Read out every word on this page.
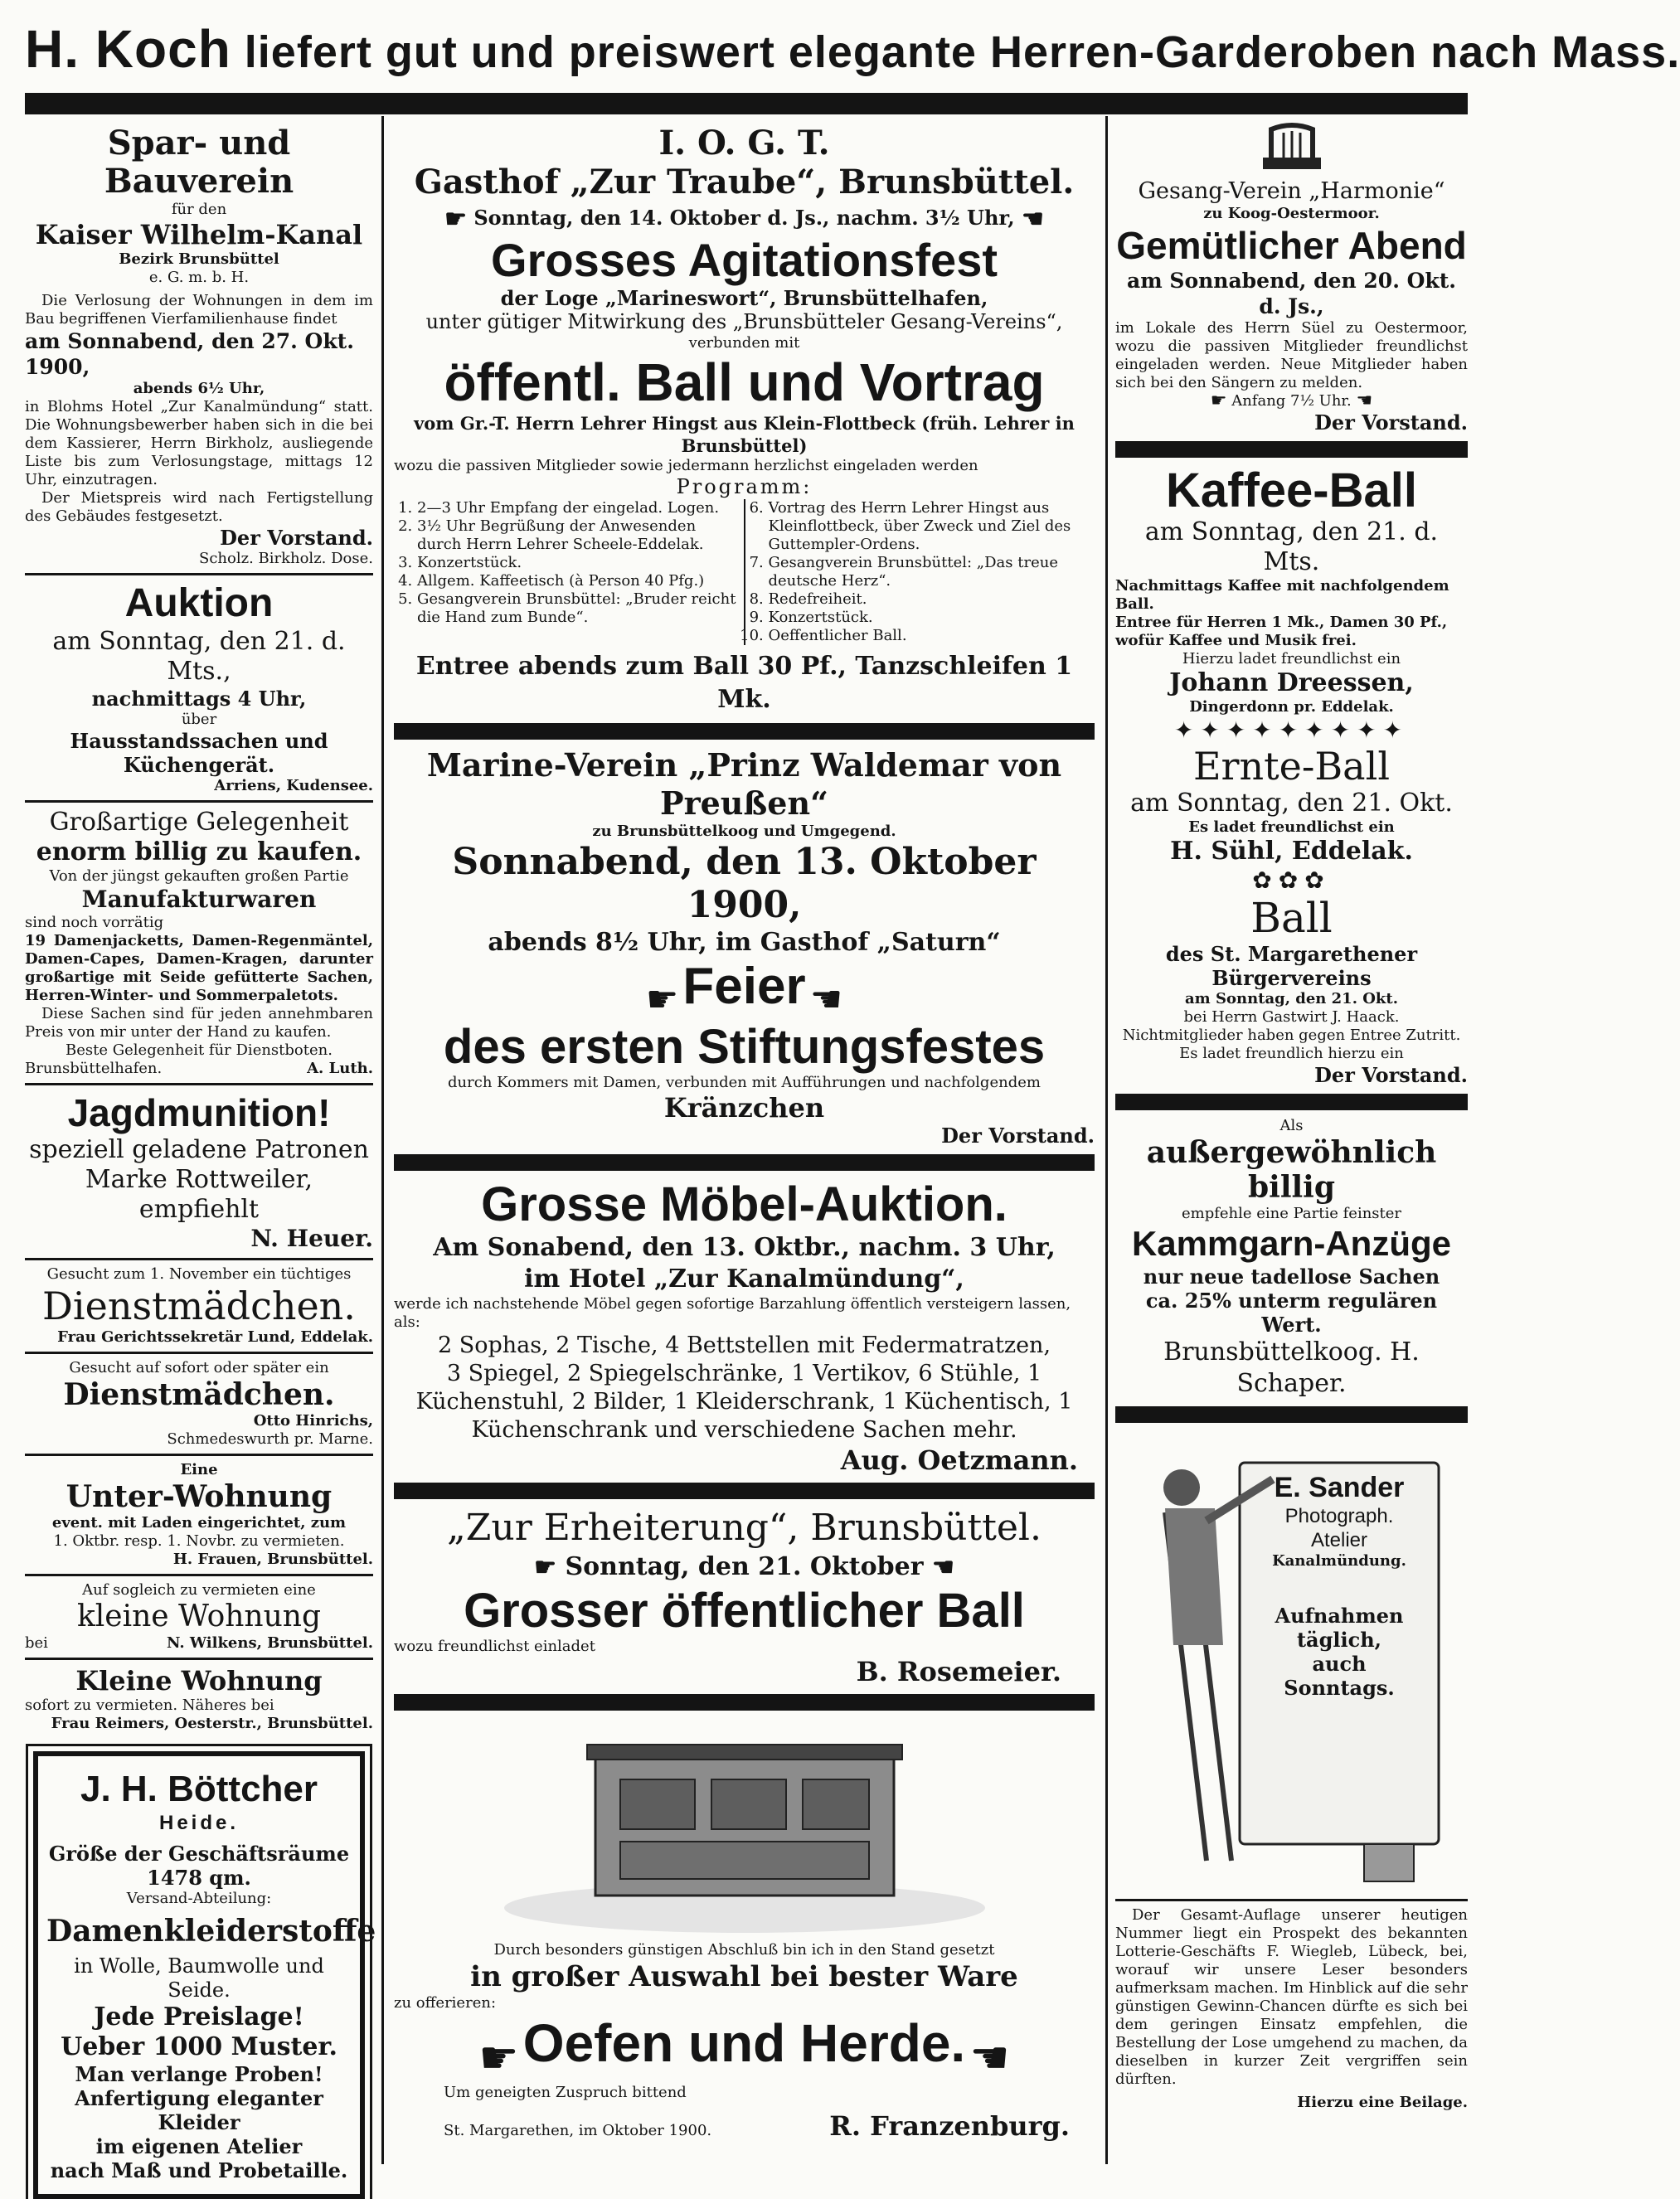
H. Koch liefert gut und preiswert elegante Herren-Garderoben nach Mass.
Spar- und Bauverein
für den
Kaiser Wilhelm-Kanal
Bezirk Brunsbüttel
e. G. m. b. H.

Die Verlosung der Wohnungen in dem im Bau begriffenen Vierfamilienhause findet

am Sonnabend, den 27. Okt. 1900,
abends 6½ Uhr,

in Blohms Hotel „Zur Kanalmündung“ statt. Die Wohnungsbewerber haben sich in die bei dem Kassierer, Herrn Birkholz, ausliegende Liste bis zum Verlosungstage, mittags 12 Uhr, einzutragen.

Der Mietspreis wird nach Fertigstellung des Gebäudes festgesetzt.

Der Vorstand.
Scholz. Birkholz. Dose.
Auktion
am Sonntag, den 21. d. Mts.,
nachmittags 4 Uhr,
über
Hausstandssachen und Küchengerät.
Arriens, Kudensee.
Großartige Gelegenheit
enorm billig zu kaufen.
Von der jüngst gekauften großen Partie
Manufakturwaren
sind noch vorrätig

19 Damenjacketts, Damen-Regenmäntel, Damen-Capes, Damen-Kragen, darunter großartige mit Seide gefütterte Sachen, Herren-Winter- und Sommerpaletots.

Diese Sachen sind für jeden annehmbaren Preis von mir unter der Hand zu kaufen.

Beste Gelegenheit für Dienstboten.
Brunsbüttelhafen.	A. Luth.
Jagdmunition!

speziell geladene Patronen Marke Rottweiler, empfiehlt

N. Heuer.
Gesucht zum 1. November ein tüchtiges
Dienstmädchen.
Frau Gerichtssekretär Lund, Eddelak.
Gesucht auf sofort oder später ein
Dienstmädchen.
Otto Hinrichs,
Schmedeswurth pr. Marne.
Eine
Unter-Wohnung
event. mit Laden eingerichtet, zum
1. Oktbr. resp. 1. Novbr. zu vermieten.
H. Frauen, Brunsbüttel.
Auf sogleich zu vermieten eine
kleine Wohnung
bei	N. Wilkens, Brunsbüttel.
Kleine Wohnung
sofort zu vermieten. Näheres bei
Frau Reimers, Oesterstr., Brunsbüttel.
J. H. Böttcher
Heide.
Größe der Geschäftsräume
1478 qm.
Versand-Abteilung:
Damenkleiderstoffe
in Wolle, Baumwolle und Seide.
Jede Preislage!
Ueber 1000 Muster.
Man verlange Proben!
Anfertigung eleganter Kleider
im eigenen Atelier
nach Maß und Probetaille.
I. O. G. T.
Gasthof „Zur Traube“, Brunsbüttel.
☛ Sonntag, den 14. Oktober d. Js., nachm. 3½ Uhr, ☚
Grosses Agitationsfest
der Loge „Marineswort“, Brunsbüttelhafen,
unter gütiger Mitwirkung des „Brunsbütteler Gesang-Vereins“,
verbunden mit
öffentl. Ball und Vortrag
vom Gr.-T. Herrn Lehrer Hingst aus Klein-Flottbeck (früh. Lehrer in Brunsbüttel)
wozu die passiven Mitglieder sowie jedermann herzlichst eingeladen werden
Programm:
1. 2—3 Uhr Empfang der eingelad. Logen.
2. 3½ Uhr Begrüßung der Anwesenden durch Herrn Lehrer Scheele-Eddelak.
3. Konzertstück.
4. Allgem. Kaffeetisch (à Person 40 Pfg.)
5. Gesangverein Brunsbüttel: „Bruder reicht die Hand zum Bunde“.
6. Vortrag des Herrn Lehrer Hingst aus Kleinflottbeck, über Zweck und Ziel des Guttempler-Ordens.
7. Gesangverein Brunsbüttel: „Das treue deutsche Herz“.
8. Redefreiheit.
9. Konzertstück.
10. Oeffentlicher Ball.
Entree abends zum Ball 30 Pf., Tanzschleifen 1 Mk.
Marine-Verein „Prinz Waldemar von Preußen“
zu Brunsbüttelkoog und Umgegend.
Sonnabend, den 13. Oktober 1900,
abends 8½ Uhr, im Gasthof „Saturn“
☛ Feier ☚
des ersten Stiftungsfestes
durch Kommers mit Damen, verbunden mit Aufführungen und nachfolgendem
Kränzchen
Der Vorstand.
Grosse Möbel-Auktion.
Am Sonabend, den 13. Oktbr., nachm. 3 Uhr,
im Hotel „Zur Kanalmündung“,
werde ich nachstehende Möbel gegen sofortige Barzahlung öffentlich versteigern lassen, als:
2 Sophas, 2 Tische, 4 Bettstellen mit Federmatratzen,
3 Spiegel, 2 Spiegelschränke, 1 Vertikov, 6 Stühle, 1
Küchenstuhl, 2 Bilder, 1 Kleiderschrank, 1 Küchentisch, 1
Küchenschrank und verschiedene Sachen mehr.
Aug. Oetzmann.
„Zur Erheiterung“, Brunsbüttel.
☛ Sonntag, den 21. Oktober ☚
Grosser öffentlicher Ball
wozu freundlichst einladet
B. Rosemeier.
Durch besonders günstigen Abschluß bin ich in den Stand gesetzt
in großer Auswahl bei bester Ware
zu offerieren:
☛ Oefen und Herde. ☚
Um geneigten Zuspruch bittend
St. Margarethen, im Oktober 1900.	R. Franzenburg.
Gesang-Verein „Harmonie“
zu Koog-Oestermoor.
Gemütlicher Abend
am Sonnabend, den 20. Okt. d. Js.,

im Lokale des Herrn Süel zu Oestermoor, wozu die passiven Mitglieder freundlichst eingeladen werden. Neue Mitglieder haben sich bei den Sängern zu melden.

☛ Anfang 7½ Uhr. ☚
Der Vorstand.
Kaffee-Ball
am Sonntag, den 21. d. Mts.

Nachmittags Kaffee mit nachfolgendem Ball.

Entree für Herren 1 Mk., Damen 30 Pf., wofür Kaffee und Musik frei.

Hierzu ladet freundlichst ein
Johann Dreessen,
Dingerdonn pr. Eddelak.
✦✦✦✦✦✦✦✦✦
Ernte-Ball
am Sonntag, den 21. Okt.
Es ladet freundlichst ein
H. Sühl, Eddelak.
✿✿✿
Ball
des St. Margarethener Bürgervereins
am Sonntag, den 21. Okt.
bei Herrn Gastwirt J. Haack.
Nichtmitglieder haben gegen Entree Zutritt.
Es ladet freundlich hierzu ein
Der Vorstand.
Als
außergewöhnlich
billig
empfehle eine Partie feinster
Kammgarn-Anzüge
nur neue tadellose Sachen
ca. 25% unterm regulären Wert.
Brunsbüttelkoog. H. Schaper.
E. Sander
Photograph.
Atelier
Kanalmündung.
Aufnahmen
täglich,
auch
Sonntags.

Der Gesamt-Auflage unserer heutigen Nummer liegt ein Prospekt des bekannten Lotterie-Geschäfts F. Wiegleb, Lübeck, bei, worauf wir unsere Leser besonders aufmerksam machen. Im Hinblick auf die sehr günstigen Gewinn-Chancen dürfte es sich bei dem geringen Einsatz empfehlen, die Bestellung der Lose umgehend zu machen, da dieselben in kurzer Zeit vergriffen sein dürften.

Hierzu eine Beilage.
